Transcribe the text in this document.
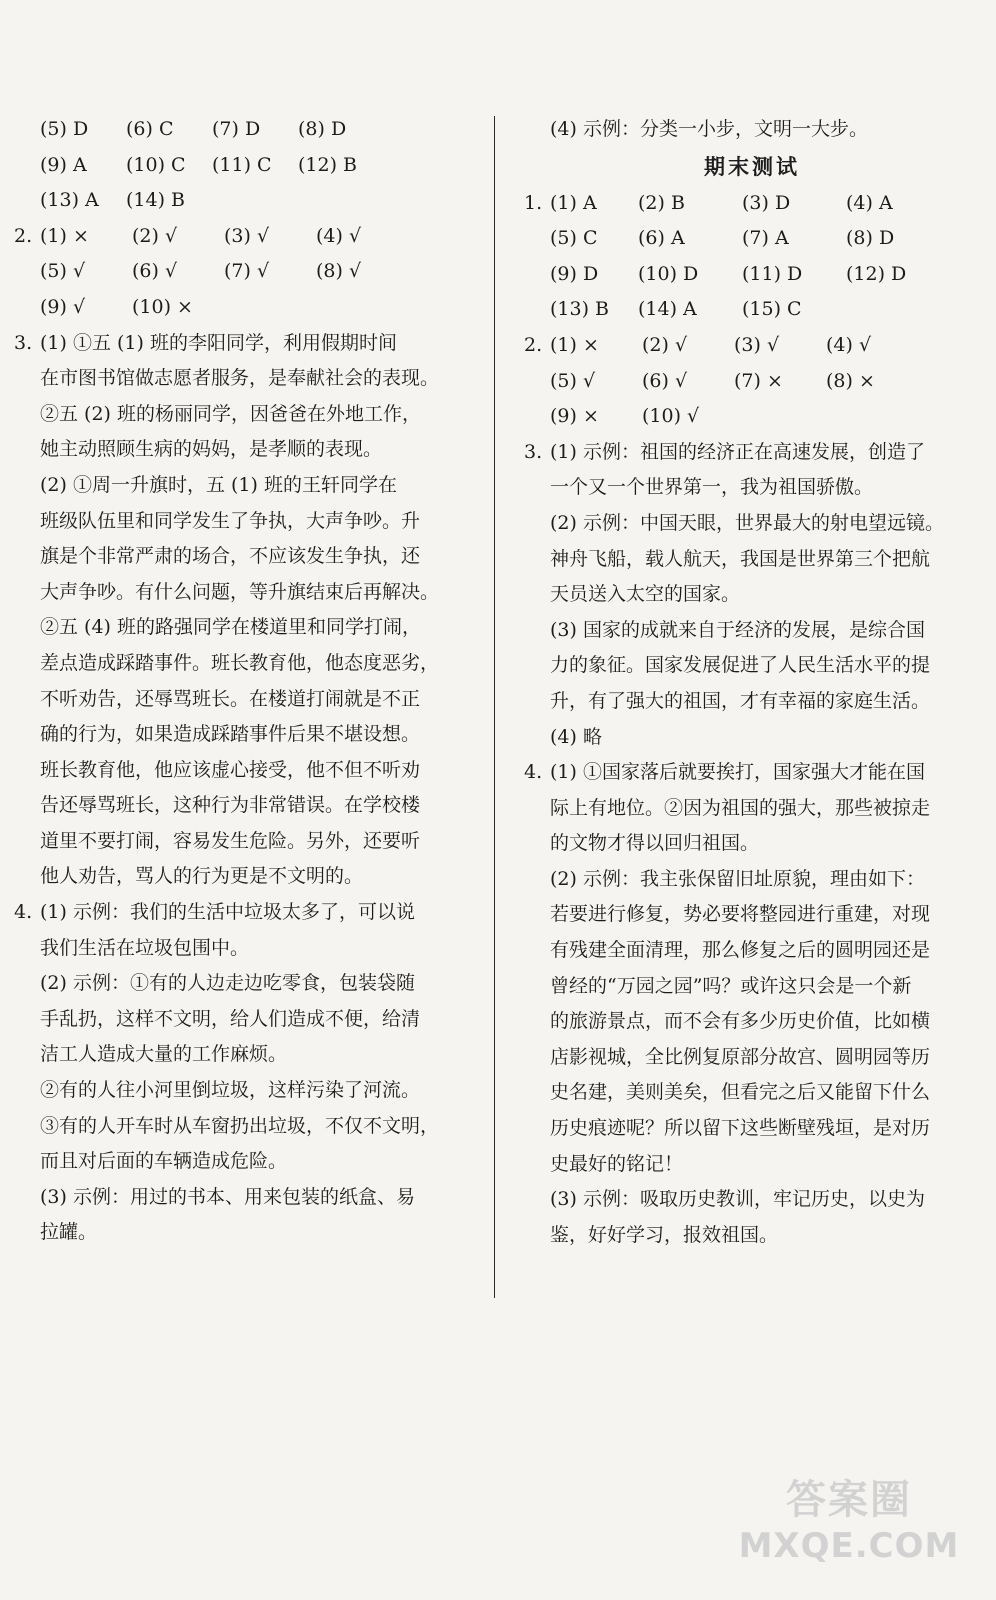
(5) D (6) C (7) D (8) D
(9) A (10) C (11) C (12) B
(13) A (14) B
2. (1) × (2) √ (3) √ (4) √
(5) √ (6) √ (7) √ (8) √
(9) √ (10) ×
3. (1) ①五 (1) 班的李阳同学，利用假期时间
在市图书馆做志愿者服务，是奉献社会的表现。
②五 (2) 班的杨丽同学，因爸爸在外地工作，
她主动照顾生病的妈妈，是孝顺的表现。
(2) ①周一升旗时，五 (1) 班的王轩同学在
班级队伍里和同学发生了争执，大声争吵。升
旗是个非常严肃的场合，不应该发生争执，还
大声争吵。有什么问题，等升旗结束后再解决。
②五 (4) 班的路强同学在楼道里和同学打闹，
差点造成踩踏事件。班长教育他，他态度恶劣，
不听劝告，还辱骂班长。在楼道打闹就是不正
确的行为，如果造成踩踏事件后果不堪设想。
班长教育他，他应该虚心接受，他不但不听劝
告还辱骂班长，这种行为非常错误。在学校楼
道里不要打闹，容易发生危险。另外，还要听
他人劝告，骂人的行为更是不文明的。
4. (1) 示例：我们的生活中垃圾太多了，可以说
我们生活在垃圾包围中。
(2) 示例：①有的人边走边吃零食，包装袋随
手乱扔，这样不文明，给人们造成不便，给清
洁工人造成大量的工作麻烦。
②有的人往小河里倒垃圾，这样污染了河流。
③有的人开车时从车窗扔出垃圾，不仅不文明，
而且对后面的车辆造成危险。
(3) 示例：用过的书本、用来包装的纸盒、易
拉罐。
(4) 示例：分类一小步，文明一大步。
期末测试
1. (1) A (2) B	(3) D	(4) A
(5) C (6) A	(7) A	(8) D
(9) D (10) D (11) D (12) D
(13) B (14) A (15) C
2. (1) × (2) √ (3) √ (4) √
(5) √ (6) √ (7) × (8) ×
(9) × (10) √
3. (1) 示例：祖国的经济正在高速发展，创造了
一个又一个世界第一，我为祖国骄傲。
(2) 示例：中国天眼，世界最大的射电望远镜。
神舟飞船，载人航天，我国是世界第三个把航
天员送入太空的国家。
(3) 国家的成就来自于经济的发展，是综合国
力的象征。国家发展促进了人民生活水平的提
升，有了强大的祖国，才有幸福的家庭生活。
(4) 略
4. (1) ①国家落后就要挨打，国家强大才能在国
际上有地位。②因为祖国的强大，那些被掠走
的文物才得以回归祖国。
(2) 示例：我主张保留旧址原貌，理由如下：
若要进行修复，势必要将整园进行重建，对现
有残建全面清理，那么修复之后的圆明园还是
曾经的“万园之园”吗？或许这只会是一个新
的旅游景点，而不会有多少历史价值，比如横
店影视城，全比例复原部分故宫、圆明园等历
史名建，美则美矣，但看完之后又能留下什么
历史痕迹呢？所以留下这些断壁残垣，是对历
史最好的铭记！
(3) 示例：吸取历史教训，牢记历史，以史为
鉴，好好学习，报效祖国。
答案圈
MXQE.COM
